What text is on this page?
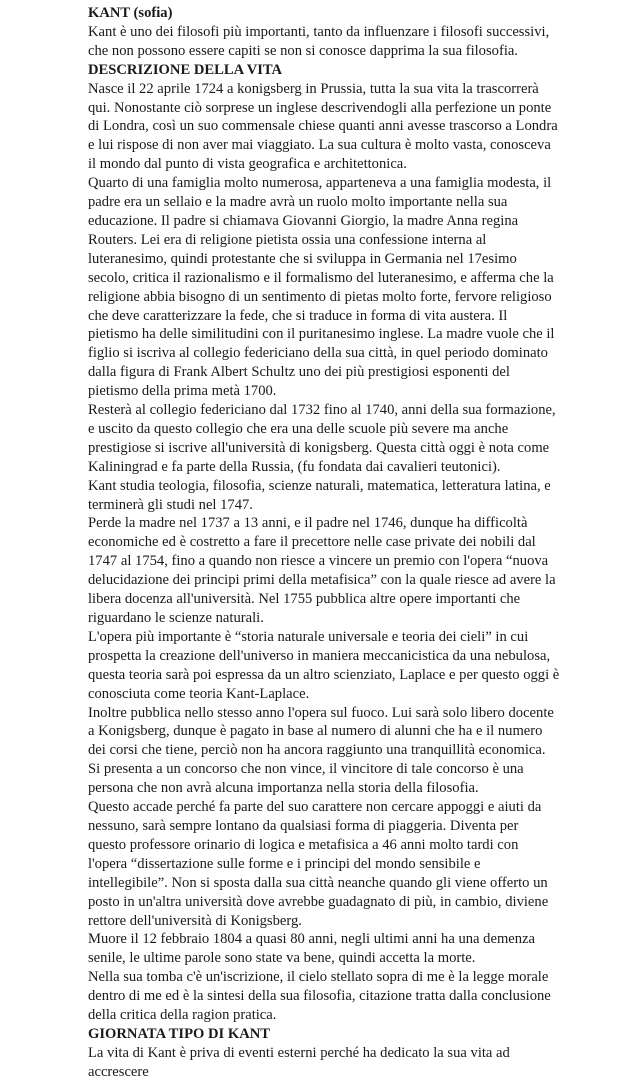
KANT (sofia)

Kant è uno dei filosofi più importanti, tanto da influenzare i filosofi successivi, che non possono essere capiti se non si conosce dapprima la sua filosofia.

DESCRIZIONE DELLA VITA

Nasce il 22 aprile 1724 a konigsberg in Prussia, tutta la sua vita la trascorrerà qui. Nonostante ciò sorprese un inglese descrivendogli alla perfezione un ponte di Londra, così un suo commensale chiese quanti anni avesse trascorso a Londra e lui rispose di non aver mai viaggiato. La sua cultura è molto vasta, conosceva il mondo dal punto di vista geografica e architettonica.

Quarto di una famiglia molto numerosa, apparteneva a una famiglia modesta, il padre era un sellaio e la madre avrà un ruolo molto importante nella sua educazione. Il padre si chiamava Giovanni Giorgio, la madre Anna regina Routers. Lei era di religione pietista ossia una confessione interna al luteranesimo, quindi protestante che si sviluppa in Germania nel 17esimo secolo, critica il razionalismo e il formalismo del luteranesimo, e afferma che la religione abbia bisogno di un sentimento di pietas molto forte, fervore religioso che deve caratterizzare la fede, che si traduce in forma di vita austera. Il pietismo ha delle similitudini con il puritanesimo inglese. La madre vuole che il figlio si iscriva al collegio federiciano della sua città, in quel periodo dominato dalla figura di Frank Albert Schultz uno dei più prestigiosi esponenti del pietismo della prima metà 1700.

Resterà al collegio federiciano dal 1732 fino al 1740, anni della sua formazione, e uscito da questo collegio che era una delle scuole più severe ma anche prestigiose si iscrive all'università di konigsberg. Questa città oggi è nota come Kaliningrad e fa parte della Russia, (fu fondata dai cavalieri teutonici).

Kant studia teologia, filosofia, scienze naturali, matematica, letteratura latina, e terminerà gli studi nel 1747.

Perde la madre nel 1737 a 13 anni, e il padre nel 1746, dunque ha difficoltà economiche ed è costretto a fare il precettore nelle case private dei nobili dal 1747 al 1754, fino a quando non riesce a vincere un premio con l'opera “nuova delucidazione dei principi primi della metafisica” con la quale riesce ad avere la libera docenza all'università. Nel 1755 pubblica altre opere importanti che riguardano le scienze naturali.

L'opera più importante è “storia naturale universale e teoria dei cieli” in cui prospetta la creazione dell'universo in maniera meccanicistica da una nebulosa, questa teoria sarà poi espressa da un altro scienziato, Laplace e per questo oggi è conosciuta come teoria Kant-Laplace.

Inoltre pubblica nello stesso anno l'opera sul fuoco. Lui sarà solo libero docente a Konigsberg, dunque è pagato in base al numero di alunni che ha e il numero dei corsi che tiene, perciò non ha ancora raggiunto una tranquillità economica.

Si presenta a un concorso che non vince, il vincitore di tale concorso è una persona che non avrà alcuna importanza nella storia della filosofia.

Questo accade perché fa parte del suo carattere non cercare appoggi e aiuti da nessuno, sarà sempre lontano da qualsiasi forma di piaggeria. Diventa per questo professore orinario di logica e metafisica a 46 anni molto tardi con l'opera “dissertazione sulle forme e i principi del mondo sensibile e intellegibile”. Non si sposta dalla sua città neanche quando gli viene offerto un posto in un'altra università dove avrebbe guadagnato di più, in cambio, diviene rettore dell'università di Konigsberg.

Muore il 12 febbraio 1804 a quasi 80 anni, negli ultimi anni ha una demenza senile, le ultime parole sono state va bene, quindi accetta la morte.

Nella sua tomba c'è un'iscrizione, il cielo stellato sopra di me è la legge morale dentro di me ed è la sintesi della sua filosofia, citazione tratta dalla conclusione della critica della ragion pratica.

GIORNATA TIPO DI KANT

La vita di Kant è priva di eventi esterni perché ha dedicato la sua vita ad accrescere
